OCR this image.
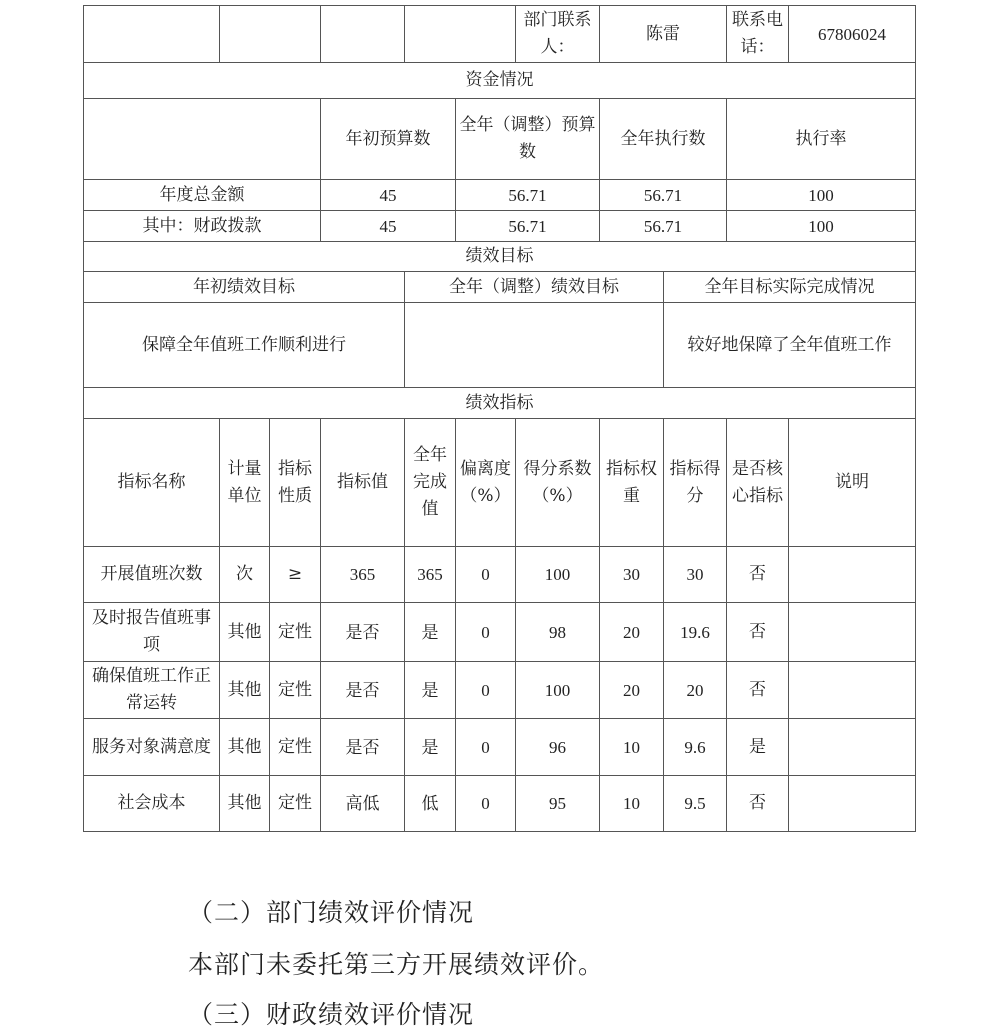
						部门联系人：	陈雷		联系电话：	67806024	
资金情况											
			年初预算数		全年（调整）预算数		全年执行数		执行率	

年度总金额			45		56.71		56.71		100	

其中：财政拨款			45		56.71		56.71		100	

绩效目标											
年初绩效目标				全年（调整）绩效目标				全年目标实际完成情况			
保障全年值班工作顺利进行								较好地保障了全年值班工作			
绩效指标											
指标名称	计量单位	指标性质	指标值	全年完成值	偏离度（%）	得分系数（%）	指标权重	指标得分	是否核心指标	说明	
开展值班次数	次	≥	365	365	0	100	30	30	否		
及时报告值班事项	其他	定性	是否	是	0	98	20	19.6	否		
确保值班工作正常运转	其他	定性	是否	是	0	100	20	20	否		
服务对象满意度	其他	定性	是否	是	0	96	10	9.6	是		
社会成本	其他	定性	高低	低	0	95	10	9.5	否		
（二）部门绩效评价情况
本部门未委托第三方开展绩效评价。
（三）财政绩效评价情况
